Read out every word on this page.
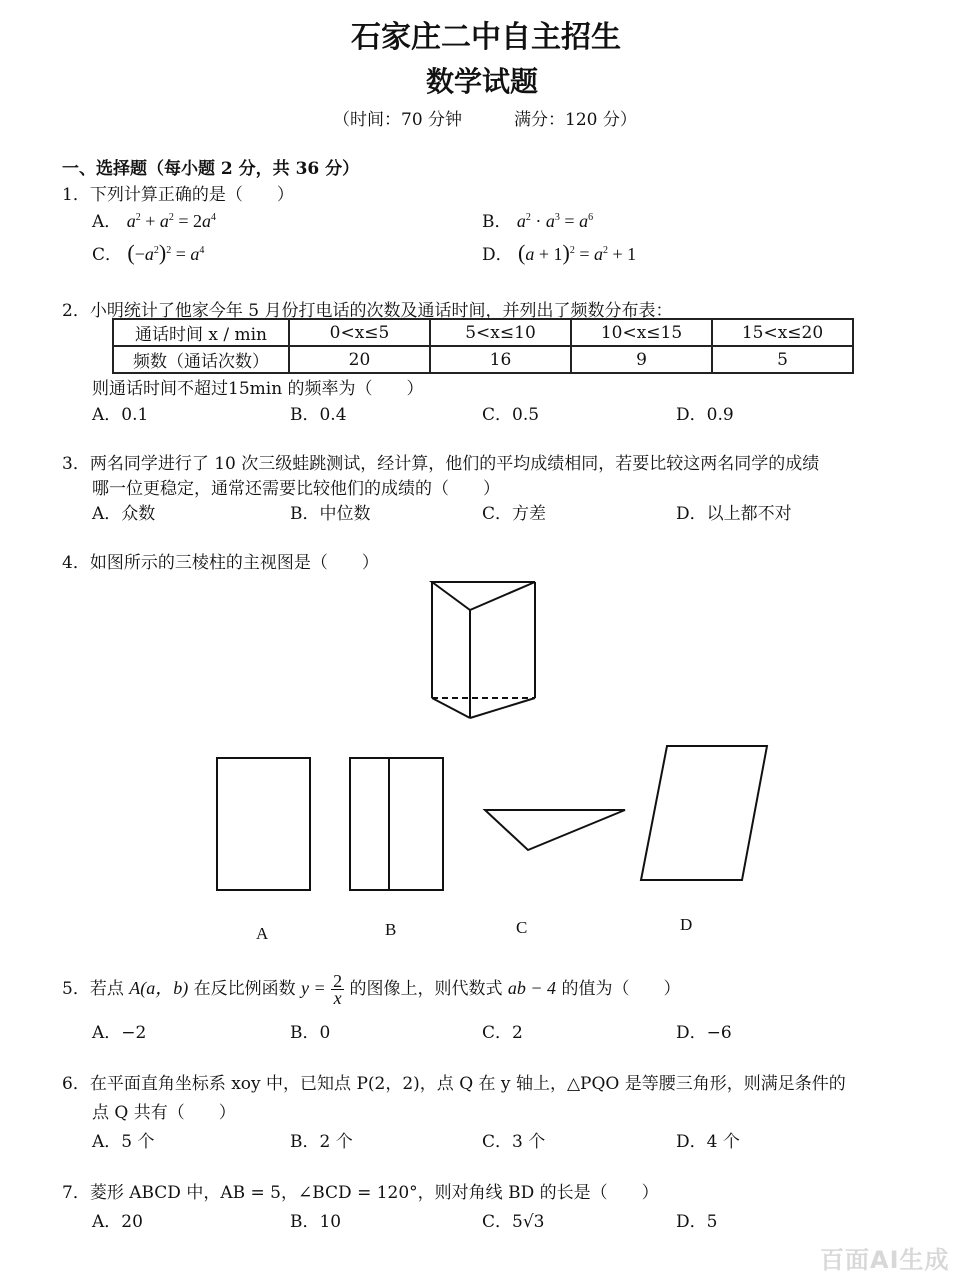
石家庄二中自主招生
数学试题
（时间：70 分钟	满分：120 分）
一、选择题（每小题 2 分，共 36 分）
1．下列计算正确的是（　　）
A． $a^2 + a^2 = 2a^4$	B． $a^2 \cdot a^3 = a^6$
C． $(-a^2)^2 = a^4$	D． $(a + 1)^2 = a^2 + 1$
2．小明统计了他家今年 5 月份打电话的次数及通话时间，并列出了频数分布表：
通话时间 x / min	0<x≤5	5<x≤10	10<x≤15	15<x≤20
频数（通话次数）	20	16	9	5
则通话时间不超过15min 的频率为（　　）
A．0.1	B．0.4	C．0.5	D．0.9
3．两名同学进行了 10 次三级蛙跳测试，经计算，他们的平均成绩相同，若要比较这两名同学的成绩
哪一位更稳定，通常还需要比较他们的成绩的（　　）
A．众数	B．中位数	C．方差	D．以上都不对
4．如图所示的三棱柱的主视图是（　　）
A	B	C	D
5．若点 A(a，b) 在反比例函数 $y = \frac{2}{x}$ 的图像上，则代数式 ab − 4 的值为（　　）
A．−2	B．0	C．2	D．−6
6．在平面直角坐标系 xoy 中，已知点 P(2，2)，点 Q 在 y 轴上，△PQO 是等腰三角形，则满足条件的
点 Q 共有（　　）
A．5 个	B．2 个	C．3 个	D．4 个
7．菱形 ABCD 中，AB = 5，∠BCD = 120°，则对角线 BD 的长是（　　）
A．20	B．10	C．5√3	D．5
百面AI生成
